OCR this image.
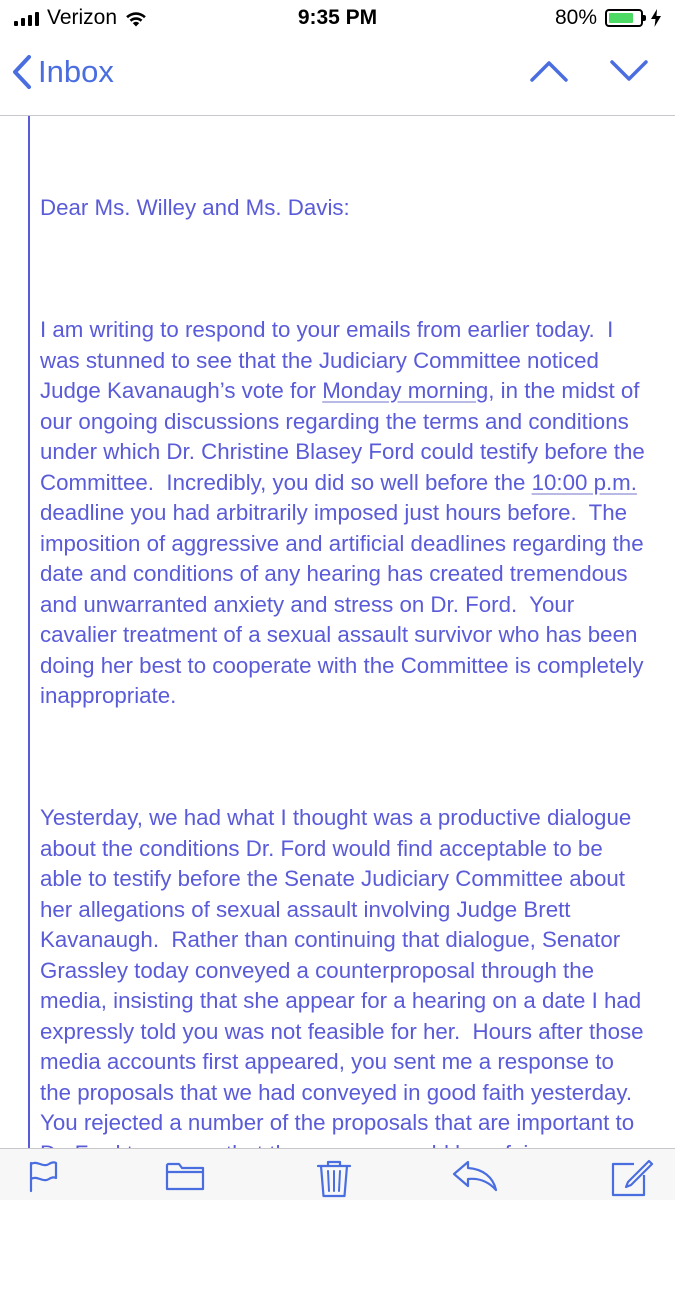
Verizon	9:35 PM	80%
Inbox

Dear Ms. Willey and Ms. Davis:

I am writing to respond to your emails from earlier today.  I was stunned to see that the Judiciary Committee noticed Judge Kavanaugh’s vote for Monday morning, in the midst of our ongoing discussions regarding the terms and conditions under which Dr. Christine Blasey Ford could testify before the Committee.  Incredibly, you did so well before the 10:00 p.m. deadline you had arbitrarily imposed just hours before.  The imposition of aggressive and artificial deadlines regarding the date and conditions of any hearing has created tremendous and unwarranted anxiety and stress on Dr. Ford.  Your cavalier treatment of a sexual assault survivor who has been doing her best to cooperate with the Committee is completely inappropriate.

Yesterday, we had what I thought was a productive dialogue about the conditions Dr. Ford would find acceptable to be able to testify before the Senate Judiciary Committee about her allegations of sexual assault involving Judge Brett Kavanaugh.  Rather than continuing that dialogue, Senator Grassley today conveyed a counterproposal through the media, insisting that she appear for a hearing on a date I had expressly told you was not feasible for her.  Hours after those media accounts first appeared, you sent me a response to the proposals that we had conveyed in good faith yesterday.  You rejected a number of the proposals that are important to
